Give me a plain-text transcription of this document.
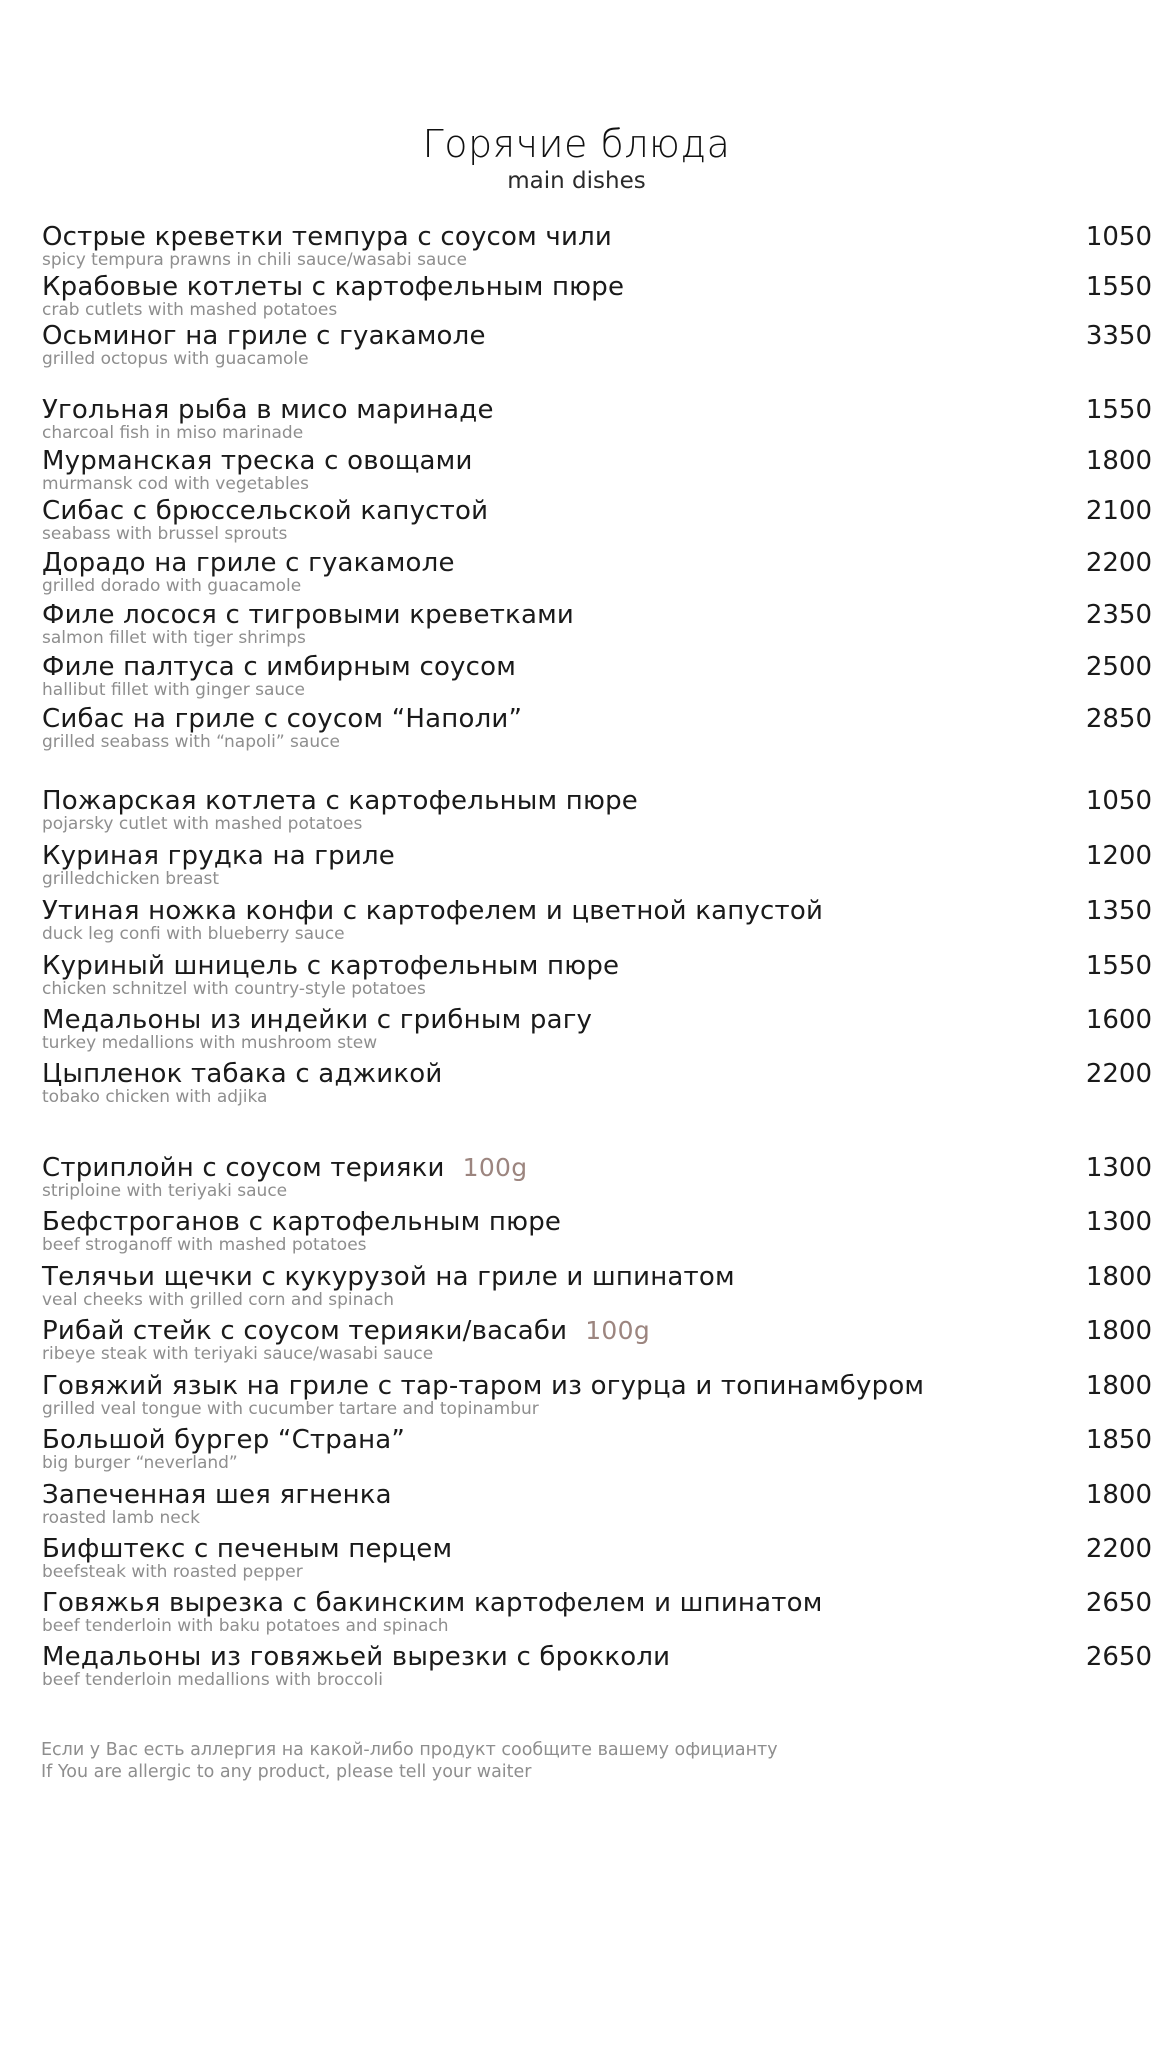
Горячие блюда
main dishes
Острые креветки темпура с соусом чили
spicy tempura prawns in chili sauce/wasabi sauce
1050
Крабовые котлеты с картофельным пюре
crab cutlets with mashed potatoes
1550
Осьминог на гриле с гуакамоле
grilled octopus with guacamole
3350
Угольная рыба в мисо маринаде
charcoal fish in miso marinade
1550
Мурманская треска с овощами
murmansk cod with vegetables
1800
Сибас с брюссельской капустой
seabass with brussel sprouts
2100
Дорадо на гриле с гуакамоле
grilled dorado with guacamole
2200
Филе лосося с тигровыми креветками
salmon fillet with tiger shrimps
2350
Филе палтуса с имбирным соусом
hallibut fillet with ginger sauce
2500
Сибас на гриле с соусом “Наполи”
grilled seabass with “napoli” sauce
2850
Пожарская котлета с картофельным пюре
pojarsky cutlet with mashed potatoes
1050
Куриная грудка на гриле
grilledchicken breast
1200
Утиная ножка конфи с картофелем и цветной капустой
duck leg confi with blueberry sauce
1350
Куриный шницель с картофельным пюре
chicken schnitzel with country-style potatoes
1550
Медальоны из индейки с грибным рагу
turkey medallions with mushroom stew
1600
Цыпленок табака с аджикой
tobako chicken with adjika
2200
Стриплойн с соусом терияки 100g
striploine with teriyaki sauce
1300
Бефстроганов с картофельным пюре
beef stroganoff with mashed potatoes
1300
Телячьи щечки с кукурузой на гриле и шпинатом
veal cheeks with grilled corn and spinach
1800
Рибай стейк с соусом терияки/васаби 100g
ribeye steak with teriyaki sauce/wasabi sauce
1800
Говяжий язык на гриле с тар-таром из огурца и топинамбуром
grilled veal tongue with cucumber tartare and topinambur
1800
Большой бургер “Страна”
big burger “neverland”
1850
Запеченная шея ягненка
roasted lamb neck
1800
Бифштекс с печеным перцем
beefsteak with roasted pepper
2200
Говяжья вырезка с бакинским картофелем и шпинатом
beef tenderloin with baku potatoes and spinach
2650
Медальоны из говяжьей вырезки с брокколи
beef tenderloin medallions with broccoli
2650
Если у Вас есть аллергия на какой-либо продукт сообщите вашему официанту
If You are allergic to any product, please tell your waiter
